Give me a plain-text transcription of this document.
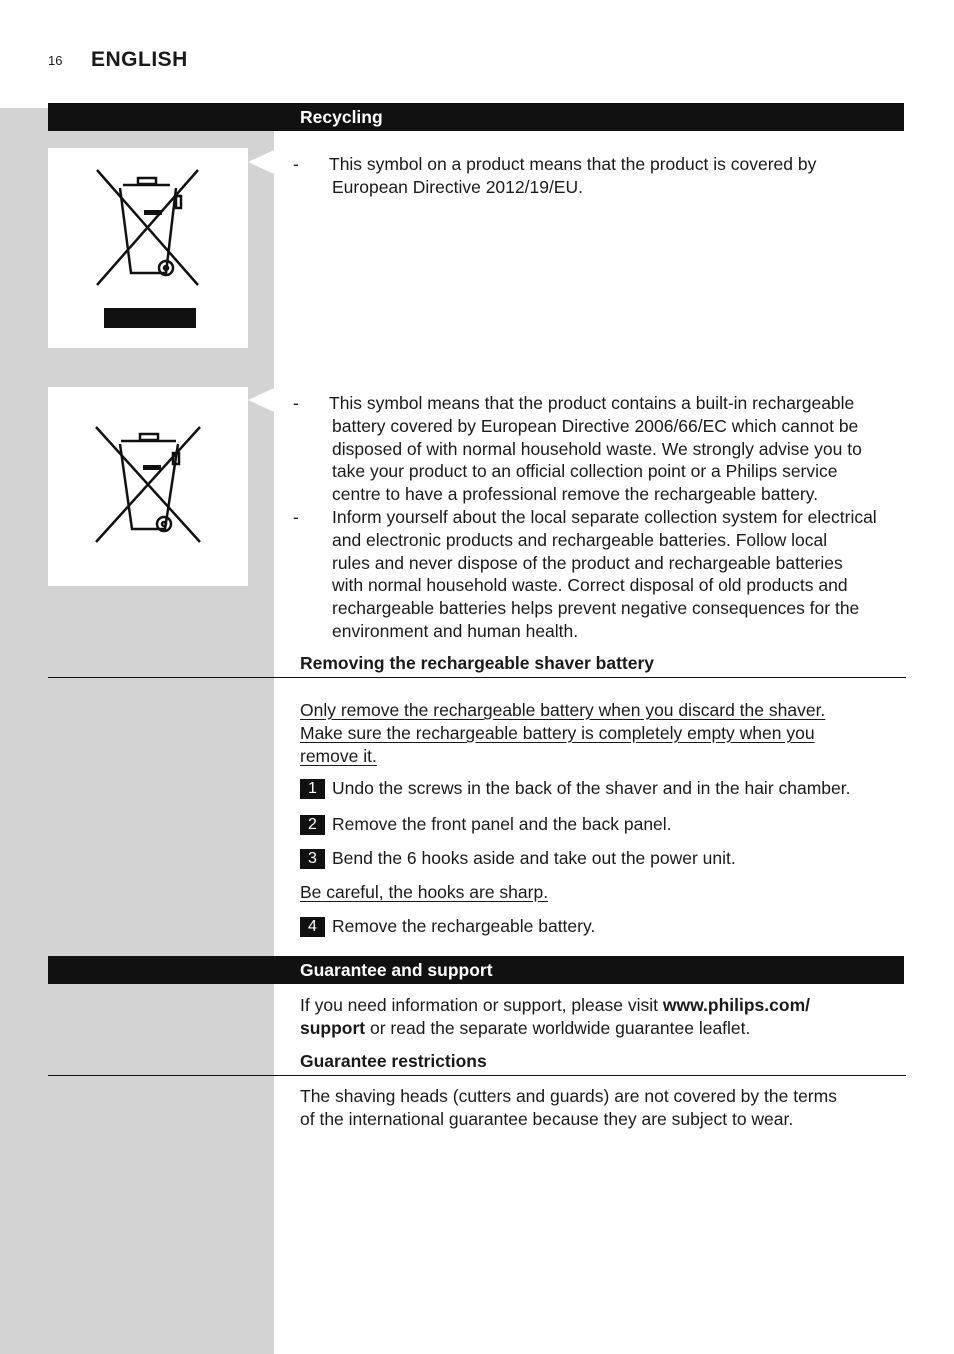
16 ENGLISH
Recycling
- This symbol on a product means that the product is covered by
European Directive 2012/19/EU.
- This symbol means that the product contains a built-in rechargeable
battery covered by European Directive 2006/66/EC which cannot be
disposed of with normal household waste. We strongly advise you to
take your product to an official collection point or a Philips service
centre to have a professional remove the rechargeable battery.
- Inform yourself about the local separate collection system for electrical
and electronic products and rechargeable batteries. Follow local
rules and never dispose of the product and rechargeable batteries
with normal household waste. Correct disposal of old products and
rechargeable batteries helps prevent negative consequences for the
environment and human health.
Removing the rechargeable shaver battery
Only remove the rechargeable battery when you discard the shaver.
Make sure the rechargeable battery is completely empty when you
remove it.
1 Undo the screws in the back of the shaver and in the hair chamber.
2 Remove the front panel and the back panel.
3 Bend the 6 hooks aside and take out the power unit.
Be careful, the hooks are sharp.
4 Remove the rechargeable battery.
Guarantee and support
If you need information or support, please visit www.philips.com/
support or read the separate worldwide guarantee leaflet.
Guarantee restrictions
The shaving heads (cutters and guards) are not covered by the terms
of the international guarantee because they are subject to wear.
